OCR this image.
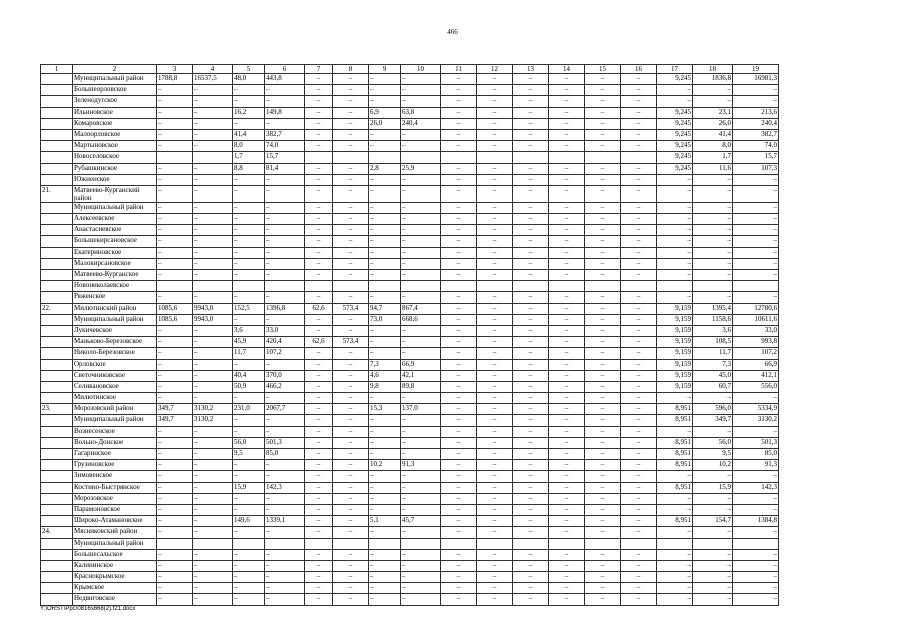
466
1	2	3	4	5	6	7	8	9	10	11	12	13	14	15	16	17	18	19
	Муниципальный район	1788,8	16537,5	48,0	443,8	–	–	–	–	–	–	–	–	–	–	9,245	1836,8	16981,3
	Большеорловское	–	–	–	–	–	–	–	–	–	–	–	–	–	–	–	–	–
	Зеленодугское	–	–	–	–	–	–	–	–	–	–	–	–	–	–	–	–	–
	Ильиновское	–	–	16,2	149,8	–	–	6,9	63,8	–	–	–	–	–	–	9,245	23,1	213,6
	Комаровское	–	–	–	–	–	–	26,0	240,4	–	–	–	–	–	–	9,245	26,0	240,4
	Малоорловское	–	–	41,4	382,7	–	–	–	–	–	–	–	–	–	–	9,245	41,4	382,7
	Мартыновское	–	–	8,0	74,0	–	–	–	–	–	–	–	–	–	–	9,245	8,0	74,0
	Новоселовское			1,7	15,7											9,245	1,7	15,7
	Рубашкинское	–	–	8,8	81,4	–	–	2,8	25,9	–	–	–	–	–	–	9,245	11,6	107,3
	Южненское	–	–	–	–	–	–	–	–	–	–	–	–	–	–	–	–	–
21.	Матвеево-Курганский район	–	–	–	–	–	–	–	–	–	–	–	–	–	–	–	–	–
	Муниципальный район	–	–	–	–	–	–	–	–	–	–	–	–	–	–	–	–	–
	Алексеевское	–	–	–	–	–	–	–	–	–	–	–	–	–	–	–	–	–
	Анастасиевское	–	–	–	–	–	–	–	–	–	–	–	–	–	–	–	–	–
	Большекирсановское	–	–	–	–	–	–	–	–	–	–	–	–	–	–	–	–	–
	Екатериновское	–	–	–	–	–	–	–	–	–	–	–	–	–	–	–	–	–
	Малокирсановское	–	–	–	–	–	–	–	–	–	–	–	–	–	–	–	–	–
	Матвеево-Курганское	–	–	–	–	–	–	–	–	–	–	–	–	–	–	–	–	–
	Новониколаевское																	
	Ряженское	–	–	–	–	–	–	–	–	–	–	–	–	–	–	–	–	–
22.	Милютинский район	1085,6	9943,0	152,5	1396,8	62,6	573,4	94,7	867,4	–	–	–	–	–	–	9,159	1395,4	12780,6
	Муниципальный район	1085,6	9943,0	–	–	–	–	73,0	668,6	–	–	–	–	–	–	9,159	1158,6	10611,6
	Лукичевское	–	–	3,6	33,0	–	–	–	–	–	–	–	–	–	–	9,159	3,6	33,0
	Маньково-Березовское	–	–	45,9	420,4	62,6	573,4	–	–	–	–	–	–	–	–	9,159	108,5	993,8
	Николо-Березовское	–	–	11,7	107,2	–	–	–	–	–	–	–	–	–	–	9,159	11,7	107,2
	Орловское	–	–	–	–	–	–	7,3	66,9	–	–	–	–	–	–	9,159	7,3	66,9
	Светочниковское	–	–	40,4	370,0	–	–	4,6	42,1	–	–	–	–	–	–	9,159	45,0	412,1
	Селивановское	–	–	50,9	466,2	–	–	9,8	89,8	–	–	–	–	–	–	9,159	60,7	556,0
	Милютинское	–	–	–	–	–	–	–	–	–	–	–	–	–	–	–	–	–
23.	Морозовский район	349,7	3130,2	231,0	2067,7	–	–	15,3	137,0	–	–	–	–	–	–	8,951	596,0	5334,9
	Муниципальный район	349,7	3130,2	–	–	–	–	–	–	–	–	–	–	–	–	8,951	349,7	3130,2
	Вознесенское	–	–	–	–	–	–	–	–	–	–	–	–	–	–	–	–	–
	Вольно-Донское	–	–	56,0	501,3	–	–	–	–	–	–	–	–	–	–	8,951	56,0	501,3
	Гагаринское	–	–	9,5	85,0	–	–	–	–	–	–	–	–	–	–	8,951	9,5	85,0
	Грузиновское	–	–	–	–	–	–	10,2	91,3	–	–	–	–	–	–	8,951	10,2	91,3
	Зимовенское	–	–	–	–	–	–	–	–	–	–	–	–	–	–	–	–	–
	Костино-Быстрянское	–	–	15,9	142,3	–	–	–	–	–	–	–	–	–	–	8,951	15,9	142,3
	Морозовское	–	–	–	–	–	–	–	–	–	–	–	–	–	–	–	–	–
	Парамоновское	–	–	–	–	–	–	–	–	–	–	–	–	–	–	–	–	–
	Широко-Атамановское	–	–	149,6	1339,1	–	–	5,1	45,7	–	–	–	–	–	–	8,951	154,7	1384,8
24.	Мясниковский район	–	–	–	–	–	–	–	–	–	–	–	–	–	–	–	–	–
	Муниципальный район																	
	Большесальское	–	–	–	–	–	–	–	–	–	–	–	–	–	–	–	–	–
	Калининское	–	–	–	–	–	–	–	–	–	–	–	–	–	–	–	–	–
	Краснокрымское	–	–	–	–	–	–	–	–	–	–	–	–	–	–	–	–	–
	Крымское	–	–	–	–	–	–	–	–	–	–	–	–	–	–	–	–	–
	Недвиговское	–	–	–	–	–	–	–	–	–	–	–	–	–	–	–	–	–
Y:\ORST\Ppc\0816s668(2).f21.docx
